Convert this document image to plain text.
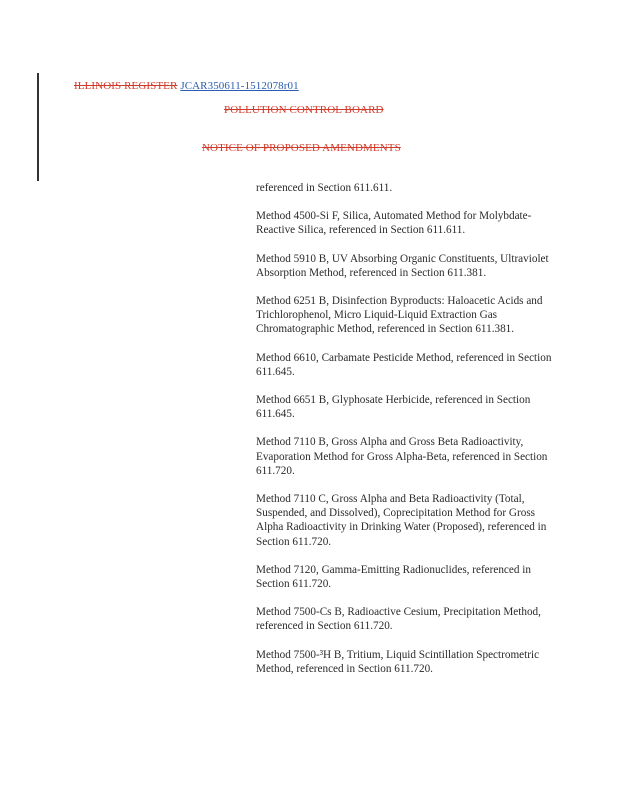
ILLINOIS REGISTER JCAR350611-1512078r01
POLLUTION CONTROL BOARD
NOTICE OF PROPOSED AMENDMENTS

referenced in Section 611.611.

Method 4500-Si F, Silica, Automated Method for Molybdate-Reactive Silica, referenced in Section 611.611.

Method 5910 B, UV Absorbing Organic Constituents, Ultraviolet Absorption Method, referenced in Section 611.381.

Method 6251 B, Disinfection Byproducts: Haloacetic Acids and Trichlorophenol, Micro Liquid-Liquid Extraction Gas Chromatographic Method, referenced in Section 611.381.

Method 6610, Carbamate Pesticide Method, referenced in Section 611.645.

Method 6651 B, Glyphosate Herbicide, referenced in Section 611.645.

Method 7110 B, Gross Alpha and Gross Beta Radioactivity, Evaporation Method for Gross Alpha-Beta, referenced in Section 611.720.

Method 7110 C, Gross Alpha and Beta Radioactivity (Total, Suspended, and Dissolved), Coprecipitation Method for Gross Alpha Radioactivity in Drinking Water (Proposed), referenced in Section 611.720.

Method 7120, Gamma-Emitting Radionuclides, referenced in Section 611.720.

Method 7500-Cs B, Radioactive Cesium, Precipitation Method, referenced in Section 611.720.

Method 7500-³H B, Tritium, Liquid Scintillation Spectrometric Method, referenced in Section 611.720.
